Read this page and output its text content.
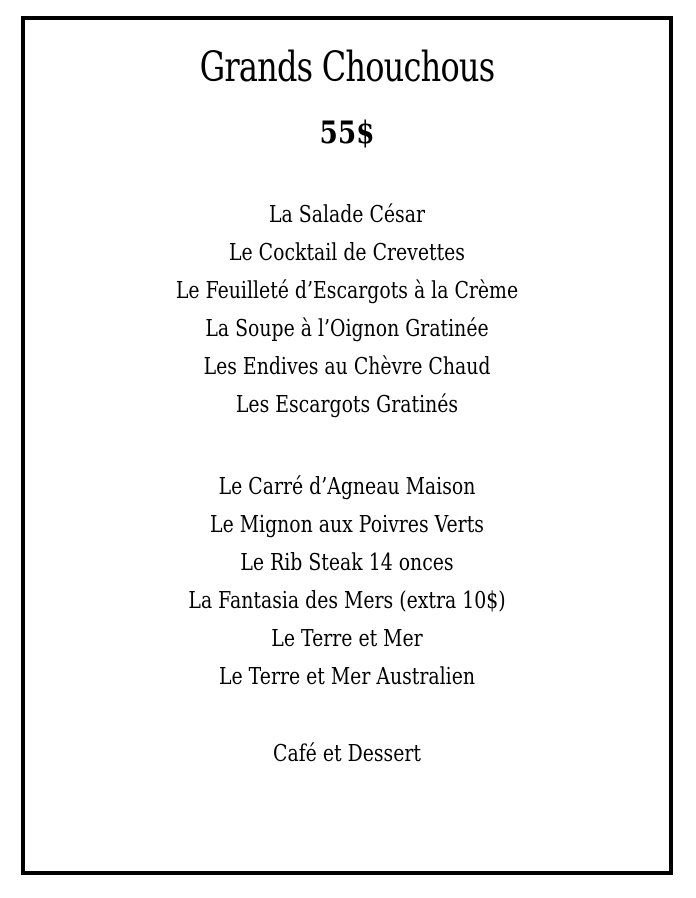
Grands Chouchous
55$
La Salade César
Le Cocktail de Crevettes
Le Feuilleté d’Escargots à la Crème
La Soupe à l’Oignon Gratinée
Les Endives au Chèvre Chaud
Les Escargots Gratinés
Le Carré d’Agneau Maison
Le Mignon aux Poivres Verts
Le Rib Steak 14 onces
La Fantasia des Mers (extra 10$)
Le Terre et Mer
Le Terre et Mer Australien
Café et Dessert
